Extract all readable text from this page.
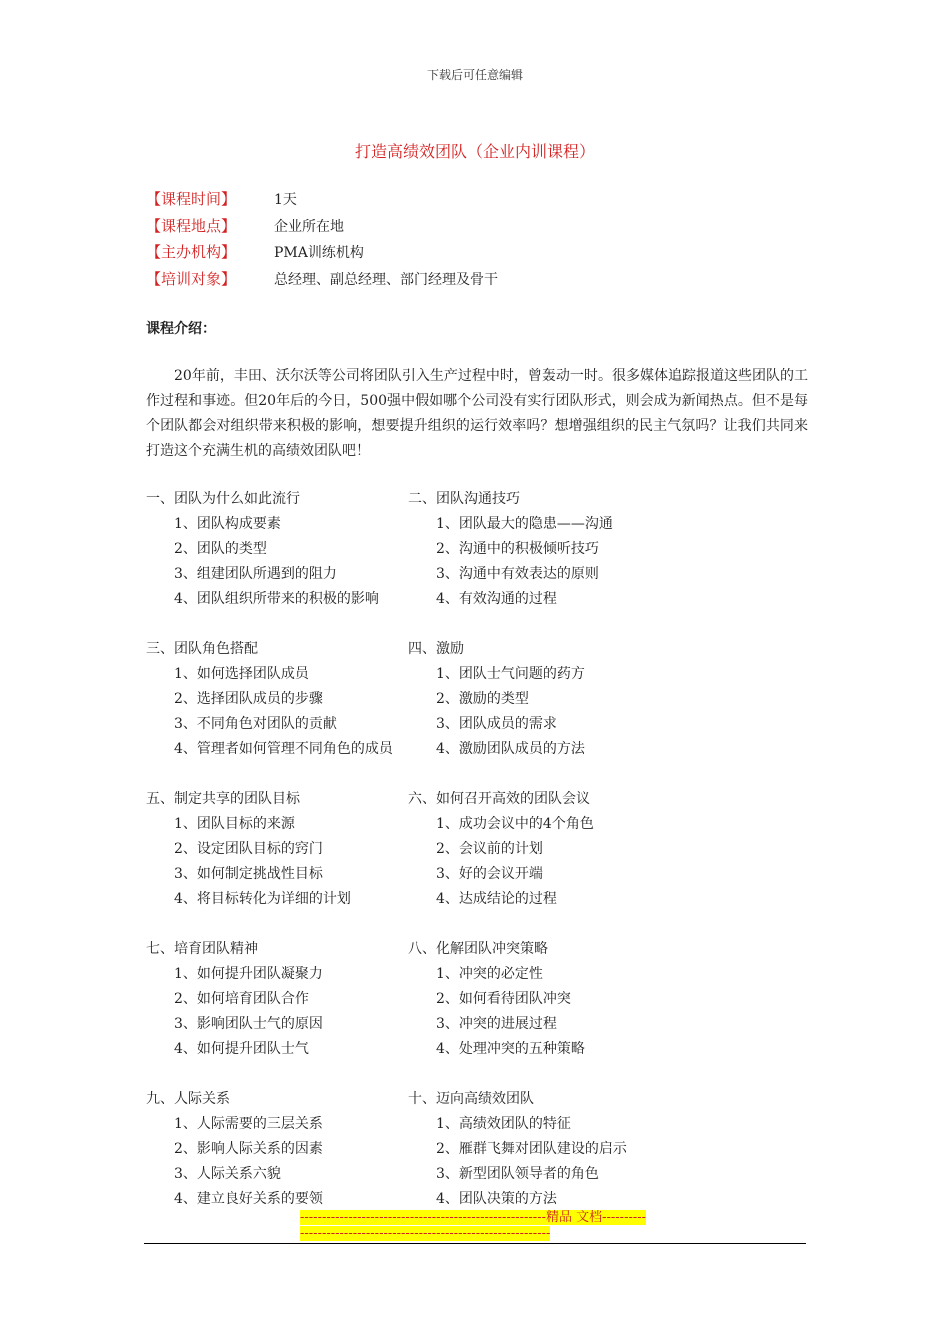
下载后可任意编辑
打造高绩效团队（企业内训课程）
【课程时间】	1天
【课程地点】	企业所在地
【主办机构】	PMA训练机构
【培训对象】	总经理、副总经理、部门经理及骨干
课程介绍：
20年前，丰田、沃尔沃等公司将团队引入生产过程中时，曾轰动一时。很多媒体追踪报道这些团队的工作过程和事迹。但20年后的今日，500强中假如哪个公司没有实行团队形式，则会成为新闻热点。但不是每个团队都会对组织带来积极的影响，想要提升组织的运行效率吗？想增强组织的民主气氛吗？让我们共同来打造这个充满生机的高绩效团队吧！
一、团队为什么如此流行
1、团队构成要素
2、团队的类型
3、组建团队所遇到的阻力
4、团队组织所带来的积极的影响
二、团队沟通技巧
1、团队最大的隐患——沟通
2、沟通中的积极倾听技巧
3、沟通中有效表达的原则
4、有效沟通的过程
三、团队角色搭配
1、如何选择团队成员
2、选择团队成员的步骤
3、不同角色对团队的贡献
4、管理者如何管理不同角色的成员
四、激励
1、团队士气问题的药方
2、激励的类型
3、团队成员的需求
4、激励团队成员的方法
五、制定共享的团队目标
1、团队目标的来源
2、设定团队目标的窍门
3、如何制定挑战性目标
4、将目标转化为详细的计划
六、如何召开高效的团队会议
1、成功会议中的4个角色
2、会议前的计划
3、好的会议开端
4、达成结论的过程
七、培育团队精神
1、如何提升团队凝聚力
2、如何培育团队合作
3、影响团队士气的原因
4、如何提升团队士气
八、化解团队冲突策略
1、冲突的必定性
2、如何看待团队冲突
3、冲突的进展过程
4、处理冲突的五种策略
九、人际关系
1、人际需要的三层关系
2、影响人际关系的因素
3、人际关系六貌
4、建立良好关系的要领
十、迈向高绩效团队
1、高绩效团队的特征
2、雁群飞舞对团队建设的启示
3、新型团队领导者的角色
4、团队决策的方法
--------------------------------------------------------精品 文档-------------------------------------------------------------------
